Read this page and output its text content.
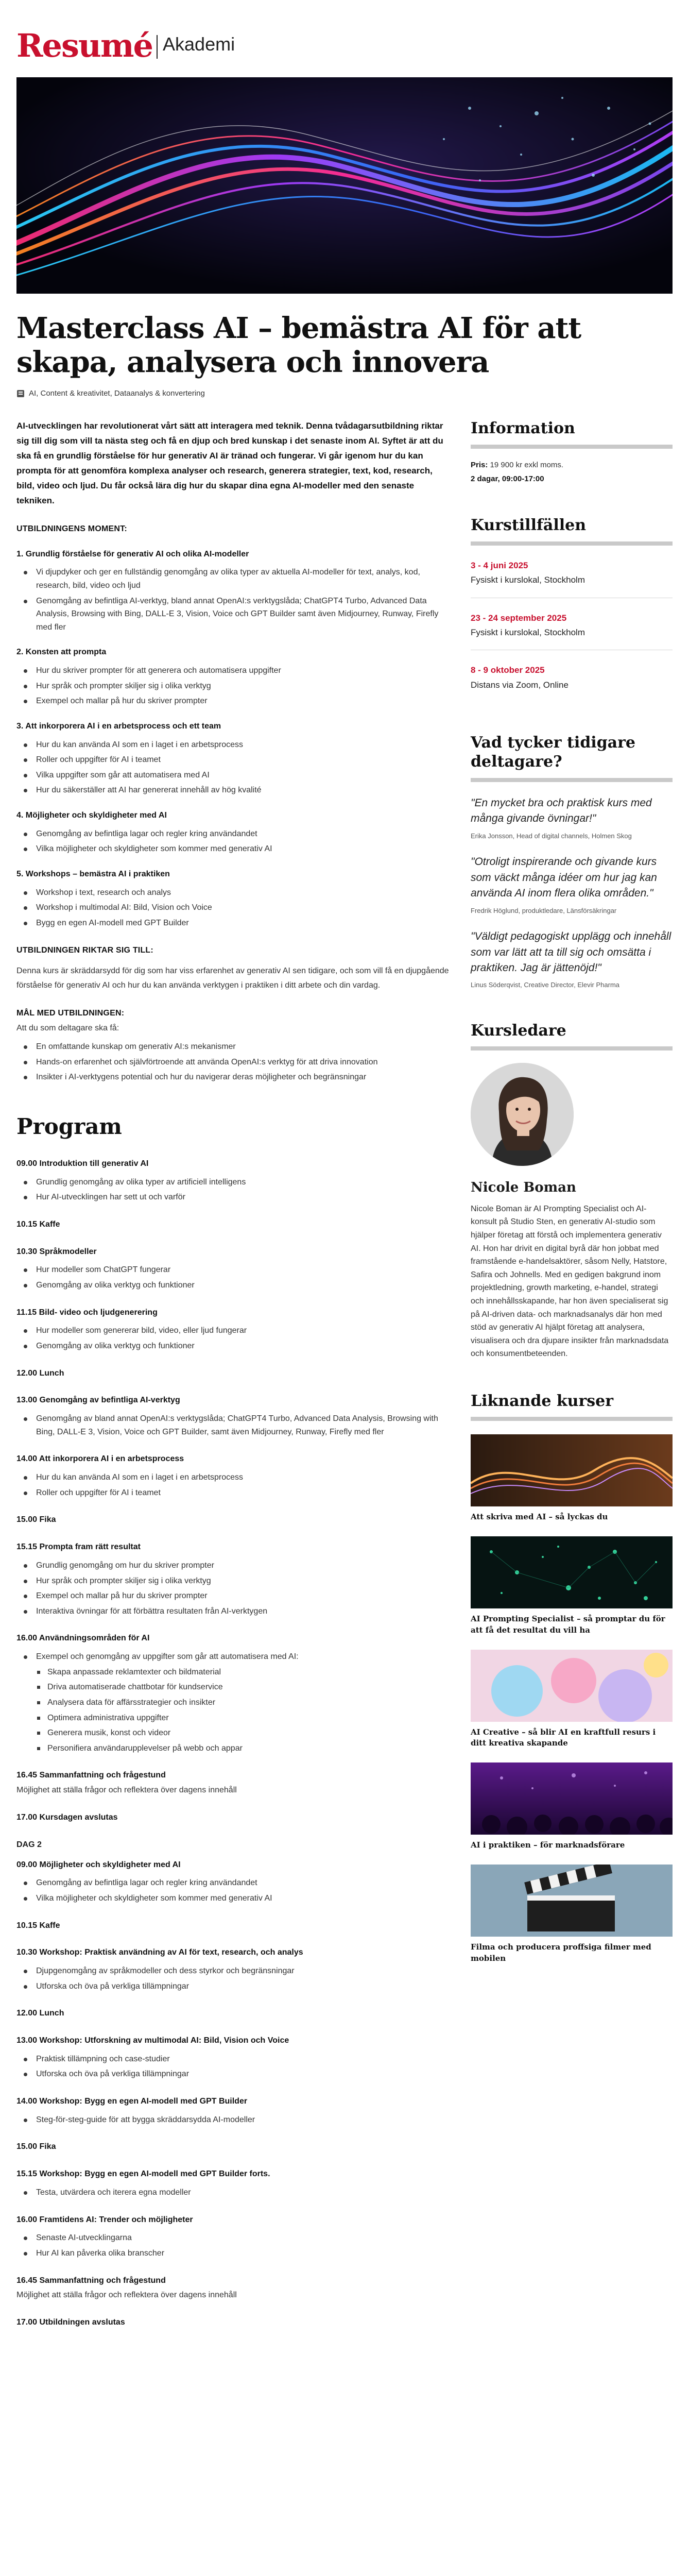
Resumé Akademi
Masterclass AI – bemästra AI för att skapa, analysera och innovera
AI, Content & kreativitet, Dataanalys & konvertering

AI-utvecklingen har revolutionerat vårt sätt att interagera med teknik. Denna tvådagarsutbildning riktar sig till dig som vill ta nästa steg och få en djup och bred kunskap i det senaste inom AI. Syftet är att du ska få en grundlig förståelse för hur generativ AI är tränad och fungerar. Vi går igenom hur du kan prompta för att genomföra komplexa analyser och research, generera strategier, text, kod, research, bild, video och ljud. Du får också lära dig hur du skapar dina egna AI-modeller med den senaste tekniken.

UTBILDNINGENS MOMENT:
1. Grundlig förståelse för generativ AI och olika AI-modeller
Vi djupdyker och ger en fullständig genomgång av olika typer av aktuella AI-modeller för text, analys, kod, research, bild, video och ljud
Genomgång av befintliga AI-verktyg, bland annat OpenAI:s verktygslåda; ChatGPT4 Turbo, Advanced Data Analysis, Browsing with Bing, DALL-E 3, Vision, Voice och GPT Builder samt även Midjourney, Runway, Firefly med fler
2. Konsten att prompta
Hur du skriver prompter för att generera och automatisera uppgifter
Hur språk och prompter skiljer sig i olika verktyg
Exempel och mallar på hur du skriver prompter
3. Att inkorporera AI i en arbetsprocess och ett team
Hur du kan använda AI som en i laget i en arbetsprocess
Roller och uppgifter för AI i teamet
Vilka uppgifter som går att automatisera med AI
Hur du säkerställer att AI har genererat innehåll av hög kvalité
4. Möjligheter och skyldigheter med AI
Genomgång av befintliga lagar och regler kring användandet
Vilka möjligheter och skyldigheter som kommer med generativ AI
5. Workshops – bemästra AI i praktiken
Workshop i text, research och analys
Workshop i multimodal AI: Bild, Vision och Voice
Bygg en egen AI-modell med GPT Builder
UTBILDNINGEN RIKTAR SIG TILL:

Denna kurs är skräddarsydd för dig som har viss erfarenhet av generativ AI sen tidigare, och som vill få en djupgående förståelse för generativ AI och hur du kan använda verktygen i praktiken i ditt arbete och din vardag.

MÅL MED UTBILDNINGEN:

Att du som deltagare ska få:

En omfattande kunskap om generativ AI:s mekanismer
Hands-on erfarenhet och självförtroende att använda OpenAI:s verktyg för att driva innovation
Insikter i AI-verktygens potential och hur du navigerar deras möjligheter och begränsningar
Program
09.00 Introduktion till generativ AI
Grundlig genomgång av olika typer av artificiell intelligens
Hur AI-utvecklingen har sett ut och varför
10.15 Kaffe
10.30 Språkmodeller
Hur modeller som ChatGPT fungerar
Genomgång av olika verktyg och funktioner
11.15 Bild- video och ljudgenerering
Hur modeller som genererar bild, video, eller ljud fungerar
Genomgång av olika verktyg och funktioner
12.00 Lunch
13.00 Genomgång av befintliga AI-verktyg
Genomgång av bland annat OpenAI:s verktygslåda; ChatGPT4 Turbo, Advanced Data Analysis, Browsing with Bing, DALL-E 3, Vision, Voice och GPT Builder, samt även Midjourney, Runway, Firefly med fler
14.00 Att inkorporera AI i en arbetsprocess
Hur du kan använda AI som en i laget i en arbetsprocess
Roller och uppgifter för AI i teamet
15.00 Fika
15.15 Prompta fram rätt resultat
Grundlig genomgång om hur du skriver prompter
Hur språk och prompter skiljer sig i olika verktyg
Exempel och mallar på hur du skriver prompter
Interaktiva övningar för att förbättra resultaten från AI-verktygen
16.00 Användningsområden för AI
Exempel och genomgång av uppgifter som går att automatisera med AI:
Skapa anpassade reklamtexter och bildmaterial
Driva automatiserade chattbotar för kundservice
Analysera data för affärsstrategier och insikter
Optimera administrativa uppgifter
Generera musik, konst och videor
Personifiera användarupplevelser på webb och appar
16.45 Sammanfattning och frågestund

Möjlighet att ställa frågor och reflektera över dagens innehåll

17.00 Kursdagen avslutas
DAG 2
09.00 Möjligheter och skyldigheter med AI
Genomgång av befintliga lagar och regler kring användandet
Vilka möjligheter och skyldigheter som kommer med generativ AI
10.15 Kaffe
10.30 Workshop: Praktisk användning av AI för text, research, och analys
Djupgenomgång av språkmodeller och dess styrkor och begränsningar
Utforska och öva på verkliga tillämpningar
12.00 Lunch
13.00 Workshop: Utforskning av multimodal AI: Bild, Vision och Voice
Praktisk tillämpning och case-studier
Utforska och öva på verkliga tillämpningar
14.00 Workshop: Bygg en egen AI-modell med GPT Builder
Steg-för-steg-guide för att bygga skräddarsydda AI-modeller
15.00 Fika
15.15 Workshop: Bygg en egen AI-modell med GPT Builder forts.
Testa, utvärdera och iterera egna modeller
16.00 Framtidens AI: Trender och möjligheter
Senaste AI-utvecklingarna
Hur AI kan påverka olika branscher
16.45 Sammanfattning och frågestund

Möjlighet att ställa frågor och reflektera över dagens innehåll

17.00 Utbildningen avslutas
Information

Pris: 19 900 kr exkl moms.

2 dagar, 09:00-17:00

Kurstillfällen
3 - 4 juni 2025
Fysiskt i kurslokal, Stockholm
23 - 24 september 2025
Fysiskt i kurslokal, Stockholm
8 - 9 oktober 2025
Distans via Zoom, Online
Vad tycker tidigare deltagare?

"En mycket bra och praktisk kurs med många givande övningar!"

Erika Jonsson, Head of digital channels, Holmen Skog

"Otroligt inspirerande och givande kurs som väckt många idéer om hur jag kan använda AI inom flera olika områden."

Fredrik Höglund, produktledare, Länsförsäkringar

"Väldigt pedagogiskt upplägg och innehåll som var lätt att ta till sig och omsätta i praktiken. Jag är jättenöjd!"

Linus Söderqvist, Creative Director, Elevir Pharma

Kursledare
Nicole Boman

Nicole Boman är AI Prompting Specialist och AI-konsult på Studio Sten, en generativ AI-studio som hjälper företag att förstå och implementera generativ AI. Hon har drivit en digital byrå där hon jobbat med framstående e-handelsaktörer, såsom Nelly, Hatstore, Safira och Johnells. Med en gedigen bakgrund inom projektledning, growth marketing, e-handel, strategi och innehållsskapande, har hon även specialiserat sig på AI-driven data- och marknadsanalys där hon med stöd av generativ AI hjälpt företag att analysera, visualisera och dra djupare insikter från marknadsdata och konsumentbeteenden.

Liknande kurser
Att skriva med AI – så lyckas du
AI Prompting Specialist – så promptar du för att få det resultat du vill ha
AI Creative – så blir AI en kraftfull resurs i ditt kreativa skapande
AI i praktiken – för marknadsförare
Filma och producera proffsiga filmer med mobilen
